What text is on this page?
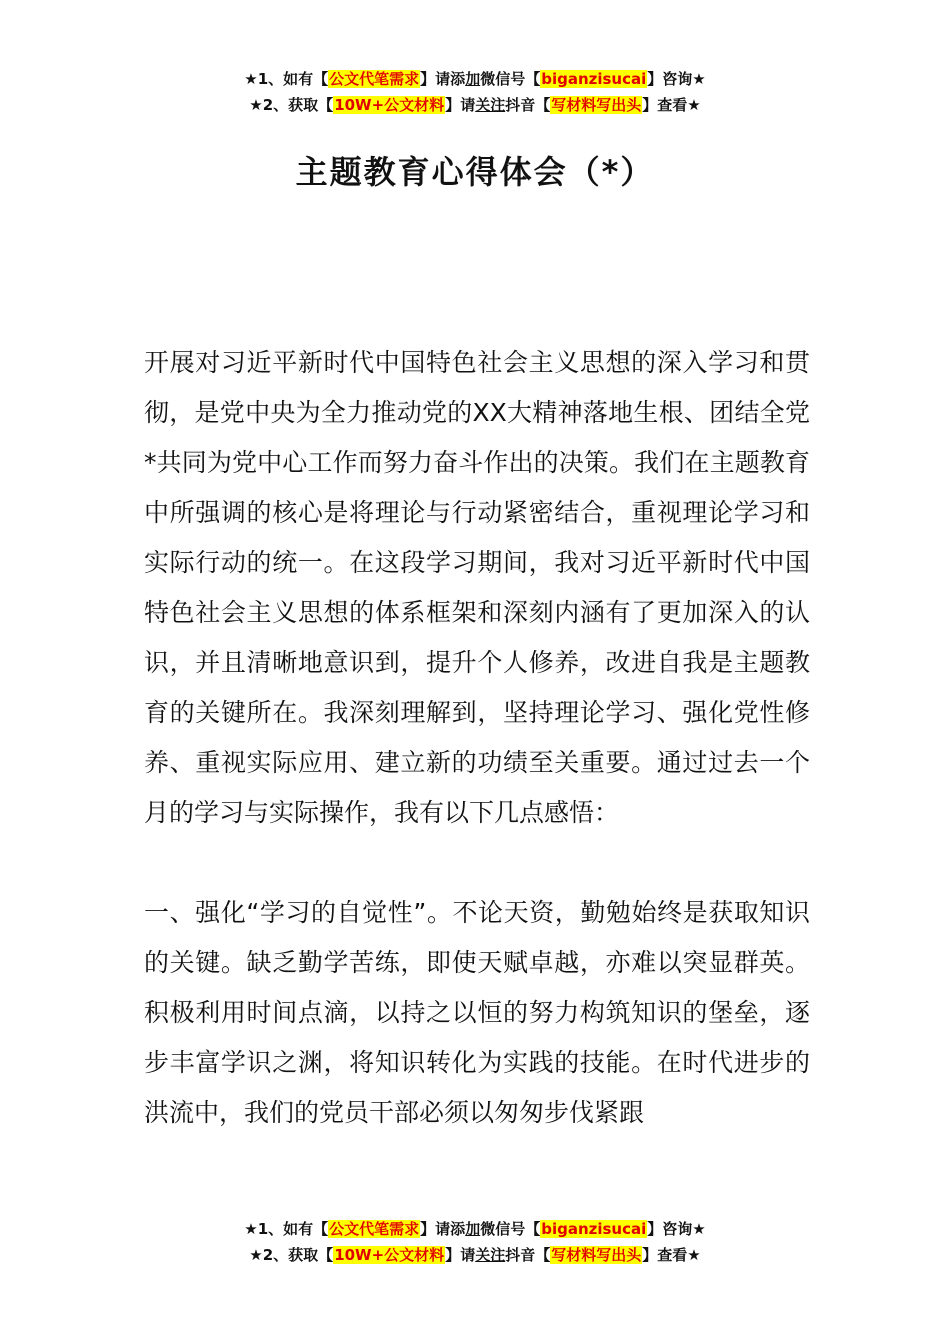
★1、如有【公文代笔需求】请添加微信号【biganzisucai】咨询★
★2、获取【10W+公文材料】请关注抖音【写材料写出头】查看★
主题教育心得体会（*）

开展对习近平新时代中国特色社会主义思想的深入学习和贯彻，是党中央为全力推动党的XX大精神落地生根、团结全党*共同为党中心工作而努力奋斗作出的决策。我们在主题教育中所强调的核心是将理论与行动紧密结合，重视理论学习和实际行动的统一。在这段学习期间，我对习近平新时代中国特色社会主义思想的体系框架和深刻内涵有了更加深入的认识，并且清晰地意识到，提升个人修养，改进自我是主题教育的关键所在。我深刻理解到，坚持理论学习、强化党性修养、重视实际应用、建立新的功绩至关重要。通过过去一个月的学习与实际操作，我有以下几点感悟：

一、强化“学习的自觉性”。不论天资，勤勉始终是获取知识的关键。缺乏勤学苦练，即使天赋卓越，亦难以突显群英。积极利用时间点滴，以持之以恒的努力构筑知识的堡垒，逐步丰富学识之渊，将知识转化为实践的技能。在时代进步的洪流中，我们的党员干部必须以匆匆步伐紧跟

★1、如有【公文代笔需求】请添加微信号【biganzisucai】咨询★
★2、获取【10W+公文材料】请关注抖音【写材料写出头】查看★
